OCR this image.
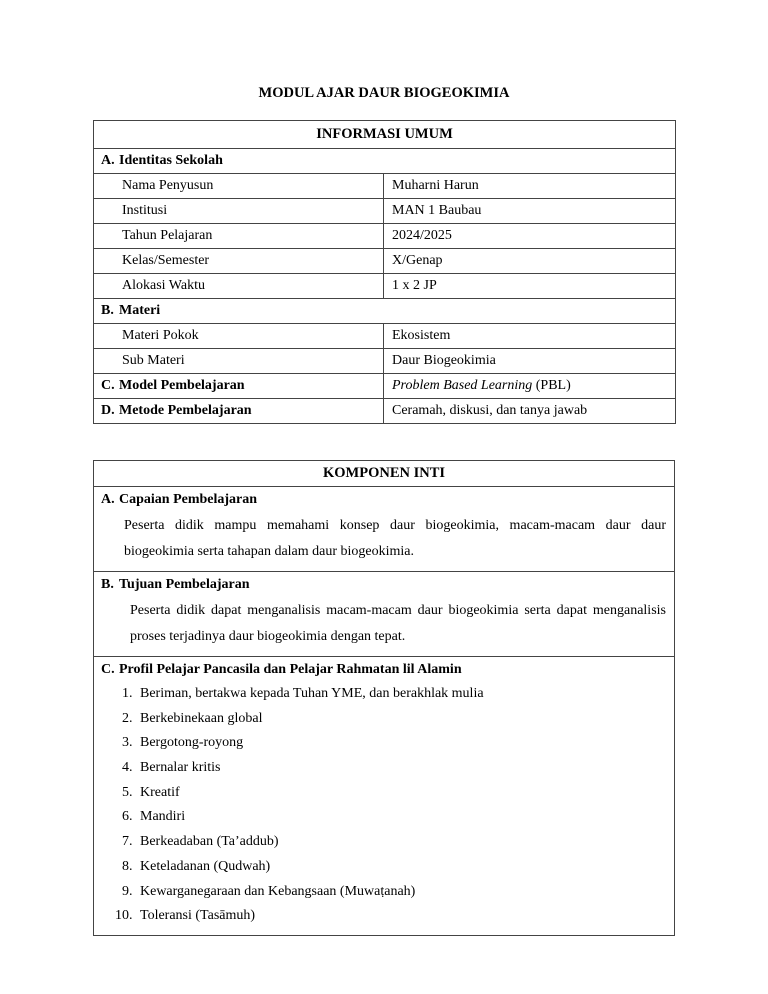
MODUL AJAR DAUR BIOGEOKIMIA
INFORMASI UMUM	
A. Identitas Sekolah	
Nama Penyusun	Muharni Harun
Institusi	MAN 1 Baubau
Tahun Pelajaran	2024/2025
Kelas/Semester	X/Genap
Alokasi Waktu	1 x 2 JP
B. Materi	
Materi Pokok	Ekosistem
Sub Materi	Daur Biogeokimia
C. Model Pembelajaran	Problem Based Learning (PBL)
D. Metode Pembelajaran	Ceramah, diskusi, dan tanya jawab
KOMPONEN INTI

A. Capaian Pembelajaran
Peserta didik mampu memahami konsep daur biogeokimia, macam-macam daur daur biogeokimia serta tahapan dalam daur biogeokimia.

B. Tujuan Pembelajaran
Peserta didik dapat menganalisis macam-macam daur biogeokimia serta dapat menganalisis proses terjadinya daur biogeokimia dengan tepat.

C. Profil Pelajar Pancasila dan Pelajar Rahmatan lil Alamin
1. Beriman, bertakwa kepada Tuhan YME, dan berakhlak mulia
2. Berkebinekaan global
3. Bergotong-royong
4. Bernalar kritis
5. Kreatif
6. Mandiri
7. Berkeadaban (Ta’addub)
8. Keteladanan (Qudwah)
9. Kewarganegaraan dan Kebangsaan (Muwaṭanah)
10. Toleransi (Tasāmuh)
